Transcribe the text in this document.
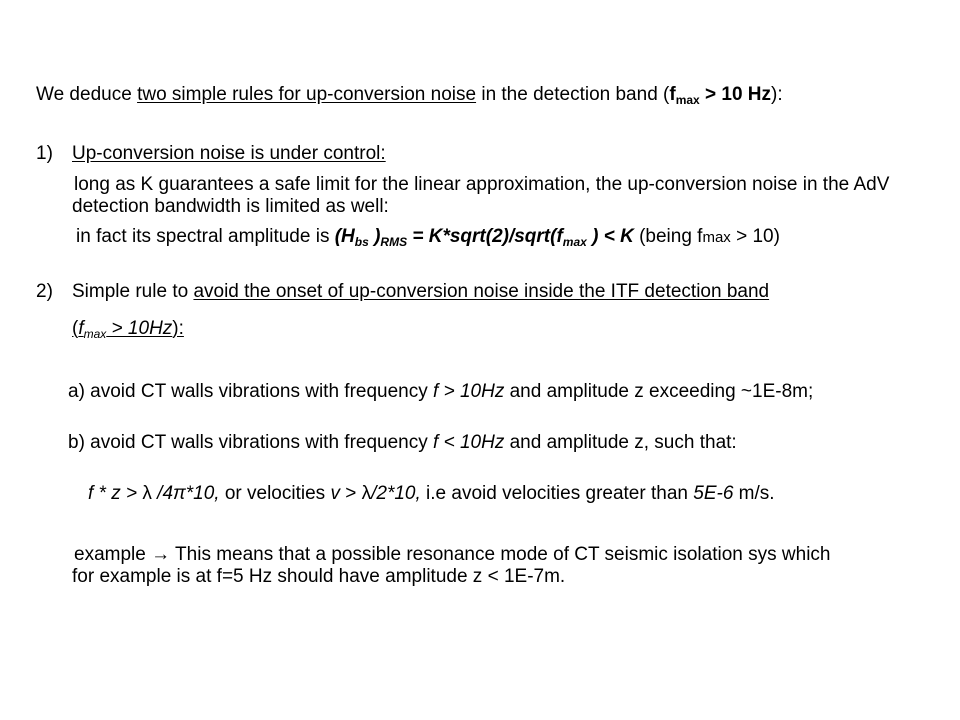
We deduce two simple rules for up-conversion noise in the detection band ($f_{max} > 10$ Hz):
1) Up-conversion noise is under control:
long as K guarantees a safe limit for the linear approximation, the up-conversion noise in the AdV detection bandwidth is limited as well:
in fact its spectral amplitude is ($H_{bs}$ )$_{RMS}$ = $K*sqrt(2)/sqrt(f_{max}$ ) < K (being fmax > 10)
2) Simple rule to avoid the onset of up-conversion noise inside the ITF detection band
$(f_{max} > 10Hz)$:
a) avoid CT walls vibrations with frequency f > 10Hz and amplitude z exceeding ~1E-8m;
b) avoid CT walls vibrations with frequency f < 10Hz and amplitude z, such that:
f * z > λ /4π*10, or velocities v > λ/2*10, i.e avoid velocities greater than 5E-6 m/s.
example → This means that a possible resonance mode of CT seismic isolation sys which
for example is at f=5 Hz should have amplitude z < 1E-7m.
